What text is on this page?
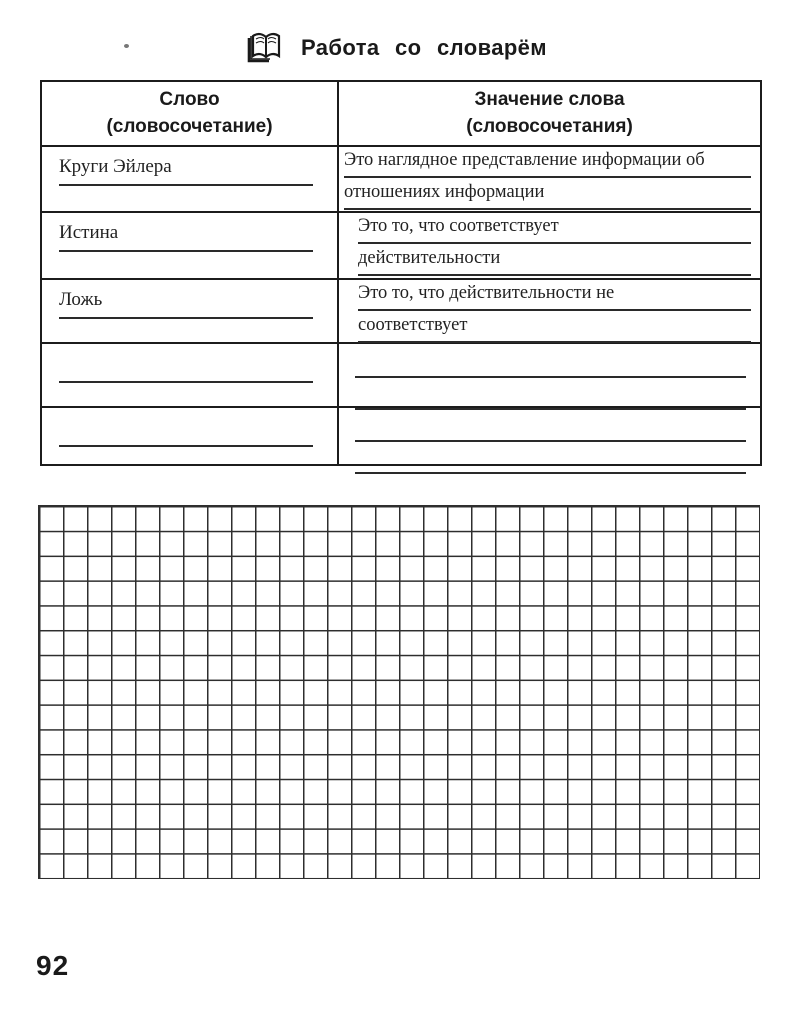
Работа со словарём
Слово
(словосочетание)
Значение слова
(словосочетания)
Круги Эйлера	Это наглядное представление информации об
отношениях информации
Истина	Это то, что соответствует
действительности
Ложь	Это то, что действительности не
соответствует
92
